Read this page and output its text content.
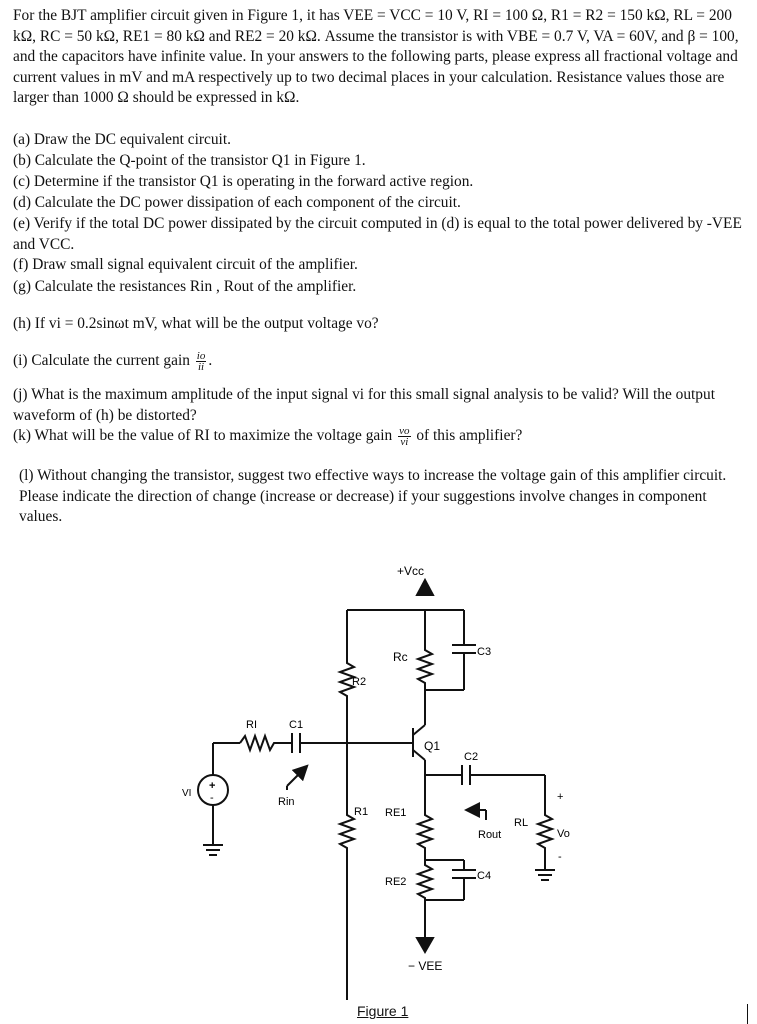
For the BJT amplifier circuit given in Figure 1, it has VEE = VCC = 10 V, RI = 100 Ω, R1 = R2 = 150 kΩ, RL = 200 kΩ, RC = 50 kΩ, RE1 = 80 kΩ and RE2 = 20 kΩ. Assume the transistor is with VBE = 0.7 V, VA = 60V, and β = 100, and the capacitors have infinite value. In your answers to the following parts, please express all fractional voltage and current values in mV and mA respectively up to two decimal places in your calculation. Resistance values those are larger than 1000 Ω should be expressed in kΩ.
(a) Draw the DC equivalent circuit.
(b) Calculate the Q-point of the transistor Q1 in Figure 1.
(c) Determine if the transistor Q1 is operating in the forward active region.
(d) Calculate the DC power dissipation of each component of the circuit.
(e) Verify if the total DC power dissipated by the circuit computed in (d) is equal to the total power delivered by -VEE and VCC.
(f) Draw small signal equivalent circuit of the amplifier.
(g) Calculate the resistances Rin , Rout of the amplifier.
(h) If vi = 0.2sinωt mV, what will be the output voltage vo?
(i) Calculate the current gain $\frac{io}{ii}$ .
(j) What is the maximum amplitude of the input signal vi for this small signal analysis to be valid? Will the output waveform of (h) be distorted?
(k) What will be the value of RI to maximize the voltage gain $\frac{vo}{vi}$ of this amplifier?
(l) Without changing the transistor, suggest two effective ways to increase the voltage gain of this amplifier circuit. Please indicate the direction of change (increase or decrease) if your suggestions involve changes in component values.
+Vcc
Rc	C3
R2
RI	C1
Q1
C2
VI
+
-	Rin
R1 RE1
+
RL
Rout	Vo
-
C4
RE2
− VEE
Figure 1
